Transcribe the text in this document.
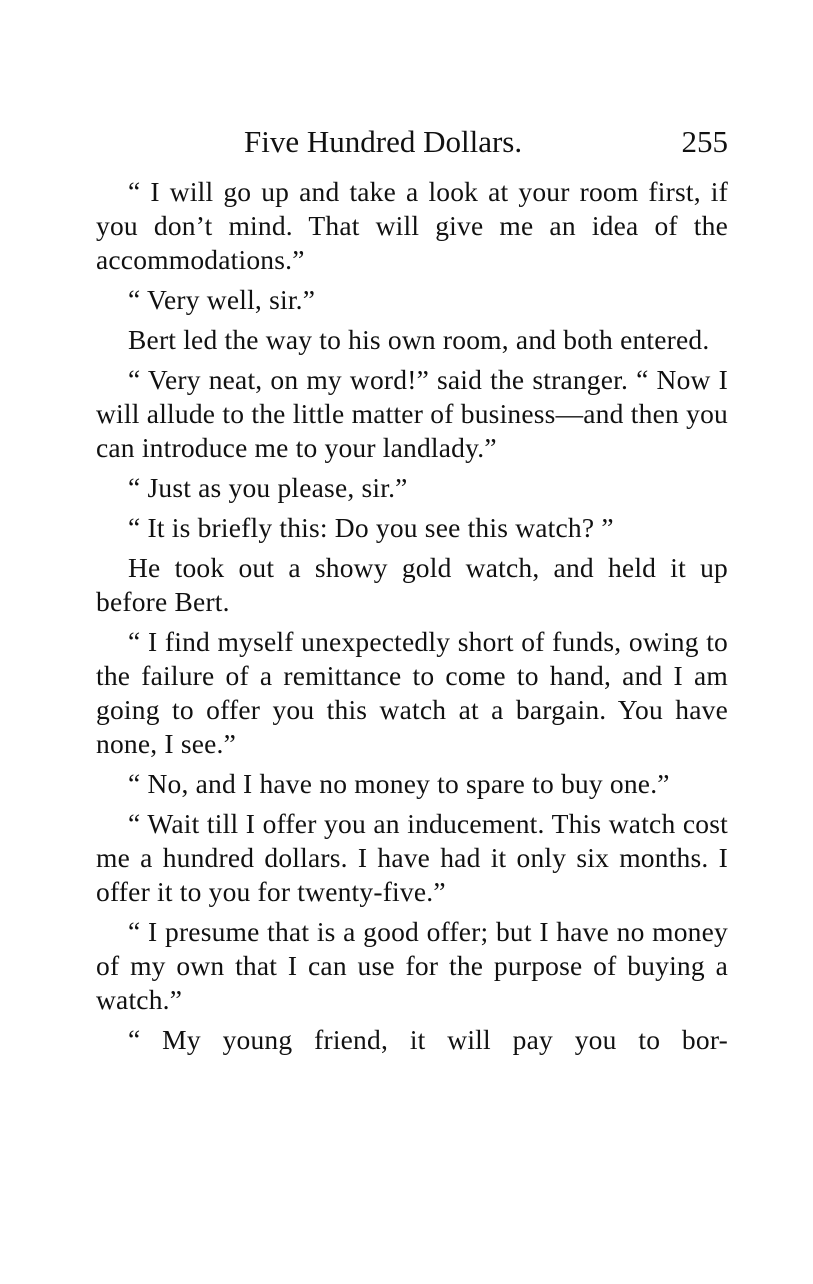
Five Hundred Dollars.	255

“ I will go up and take a look at your room first, if you don’t mind. That will give me an idea of the accommodations.”

“ Very well, sir.”

Bert led the way to his own room, and both entered.

“ Very neat, on my word!” said the stranger. “ Now I will allude to the little matter of business—and then you can introduce me to your landlady.”

“ Just as you please, sir.”

“ It is briefly this: Do you see this watch? ”

He took out a showy gold watch, and held it up before Bert.

“ I find myself unexpectedly short of funds, owing to the failure of a remittance to come to hand, and I am going to offer you this watch at a bargain. You have none, I see.”

“ No, and I have no money to spare to buy one.”

“ Wait till I offer you an inducement. This watch cost me a hundred dollars. I have had it only six months. I offer it to you for twenty-five.”

“ I presume that is a good offer; but I have no money of my own that I can use for the purpose of buying a watch.”

“ My young friend, it will pay you to bor-
